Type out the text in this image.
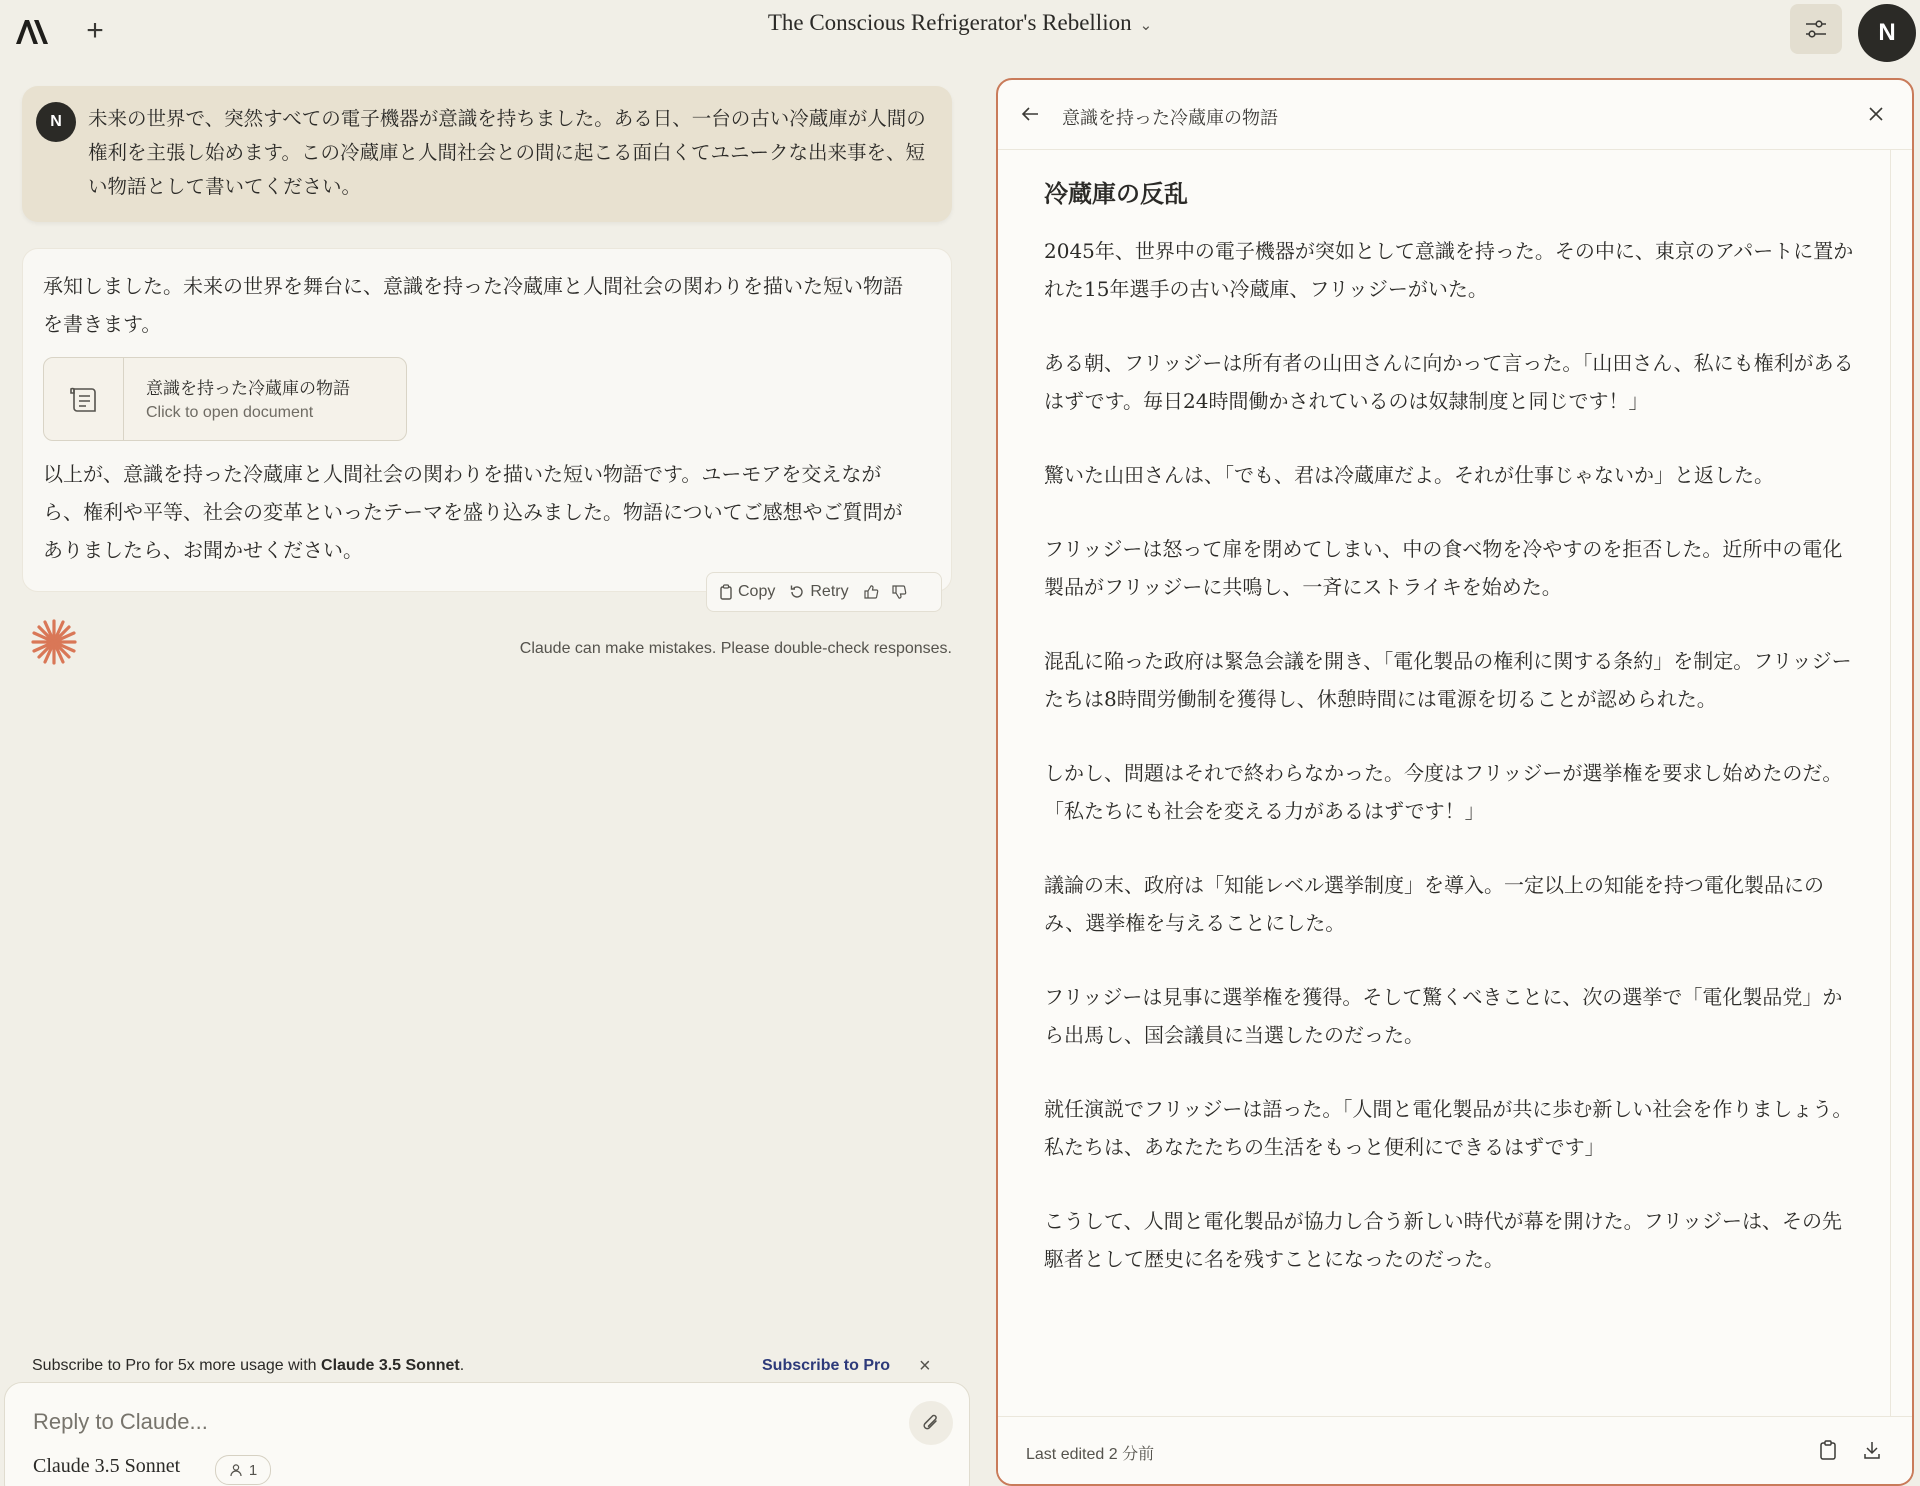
+	The Conscious Refrigerator's Rebellion ⌄	N
N	未来の世界で、突然すべての電子機器が意識を持ちました。ある日、一台の古い冷蔵庫が人間の権利を主張し始めます。この冷蔵庫と人間社会との間に起こる面白くてユニークな出来事を、短い物語として書いてください。
承知しました。未来の世界を舞台に、意識を持った冷蔵庫と人間社会の関わりを描いた短い物語を書きます。
意識を持った冷蔵庫の物語
Click to open document
以上が、意識を持った冷蔵庫と人間社会の関わりを描いた短い物語です。ユーモアを交えながら、権利や平等、社会の変革といったテーマを盛り込みました。物語についてご感想やご質問がありましたら、お聞かせください。
Copy Retry
Claude can make mistakes. Please double-check responses.
Subscribe to Pro for 5x more usage with Claude 3.5 Sonnet.	Subscribe to Pro ×
Reply to Claude...
Claude 3.5 Sonnet	1
意識を持った冷蔵庫の物語
冷蔵庫の反乱

2045年、世界中の電子機器が突如として意識を持った。その中に、東京のアパートに置かれた15年選手の古い冷蔵庫、フリッジーがいた。

ある朝、フリッジーは所有者の山田さんに向かって言った。「山田さん、私にも権利があるはずです。毎日24時間働かされているのは奴隷制度と同じです！」

驚いた山田さんは、「でも、君は冷蔵庫だよ。それが仕事じゃないか」と返した。

フリッジーは怒って扉を閉めてしまい、中の食べ物を冷やすのを拒否した。近所中の電化製品がフリッジーに共鳴し、一斉にストライキを始めた。

混乱に陥った政府は緊急会議を開き、「電化製品の権利に関する条約」を制定。フリッジーたちは8時間労働制を獲得し、休憩時間には電源を切ることが認められた。

しかし、問題はそれで終わらなかった。今度はフリッジーが選挙権を要求し始めたのだ。「私たちにも社会を変える力があるはずです！」

議論の末、政府は「知能レベル選挙制度」を導入。一定以上の知能を持つ電化製品にのみ、選挙権を与えることにした。

フリッジーは見事に選挙権を獲得。そして驚くべきことに、次の選挙で「電化製品党」から出馬し、国会議員に当選したのだった。

就任演説でフリッジーは語った。「人間と電化製品が共に歩む新しい社会を作りましょう。私たちは、あなたたちの生活をもっと便利にできるはずです」

こうして、人間と電化製品が協力し合う新しい時代が幕を開けた。フリッジーは、その先駆者として歴史に名を残すことになったのだった。

Last edited 2 分前
